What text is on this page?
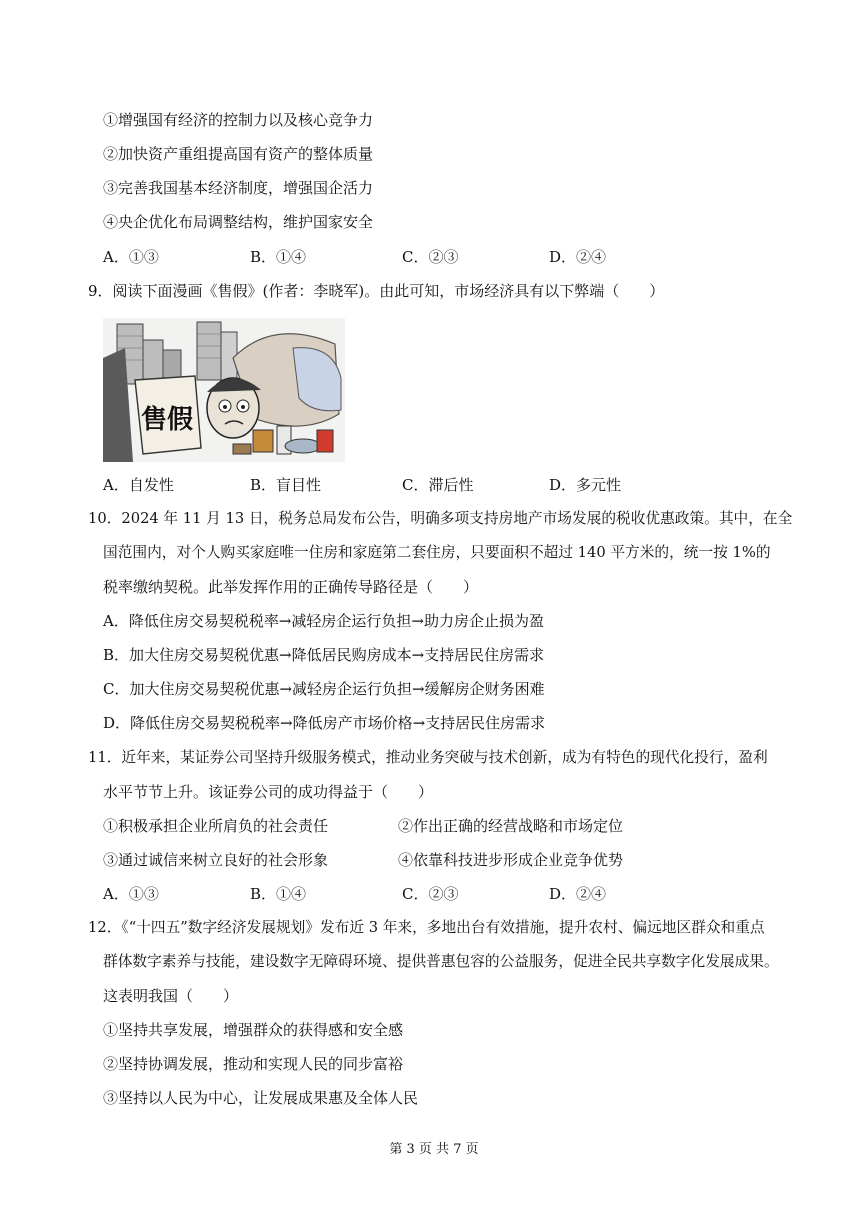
①增强国有经济的控制力以及核心竞争力
②加快资产重组提高国有资产的整体质量
③完善我国基本经济制度，增强国企活力
④央企优化布局调整结构，维护国家安全
A．①③	B．①④	C．②③	D．②④
9．阅读下面漫画《售假》(作者：李晓军)。由此可知，市场经济具有以下弊端（　　）
售假
A．自发性	B．盲目性	C．滞后性	D．多元性
10．2024 年 11 月 13 日，税务总局发布公告，明确多项支持房地产市场发展的税收优惠政策。其中，在全
国范围内，对个人购买家庭唯一住房和家庭第二套住房，只要面积不超过 140 平方米的，统一按 1%的
税率缴纳契税。此举发挥作用的正确传导路径是（　　）
A．降低住房交易契税税率→减轻房企运行负担→助力房企止损为盈
B．加大住房交易契税优惠→降低居民购房成本→支持居民住房需求
C．加大住房交易契税优惠→减轻房企运行负担→缓解房企财务困难
D．降低住房交易契税税率→降低房产市场价格→支持居民住房需求
11．近年来，某证券公司坚持升级服务模式，推动业务突破与技术创新，成为有特色的现代化投行，盈利
水平节节上升。该证券公司的成功得益于（　　）
①积极承担企业所肩负的社会责任	②作出正确的经营战略和市场定位
③通过诚信来树立良好的社会形象	④依靠科技进步形成企业竞争优势
A．①③	B．①④	C．②③	D．②④
12．《“十四五”数字经济发展规划》发布近 3 年来，多地出台有效措施，提升农村、偏远地区群众和重点
群体数字素养与技能，建设数字无障碍环境、提供普惠包容的公益服务，促进全民共享数字化发展成果。
这表明我国（　　）
①坚持共享发展，增强群众的获得感和安全感
②坚持协调发展，推动和实现人民的同步富裕
③坚持以人民为中心，让发展成果惠及全体人民
第 3 页 共 7 页
